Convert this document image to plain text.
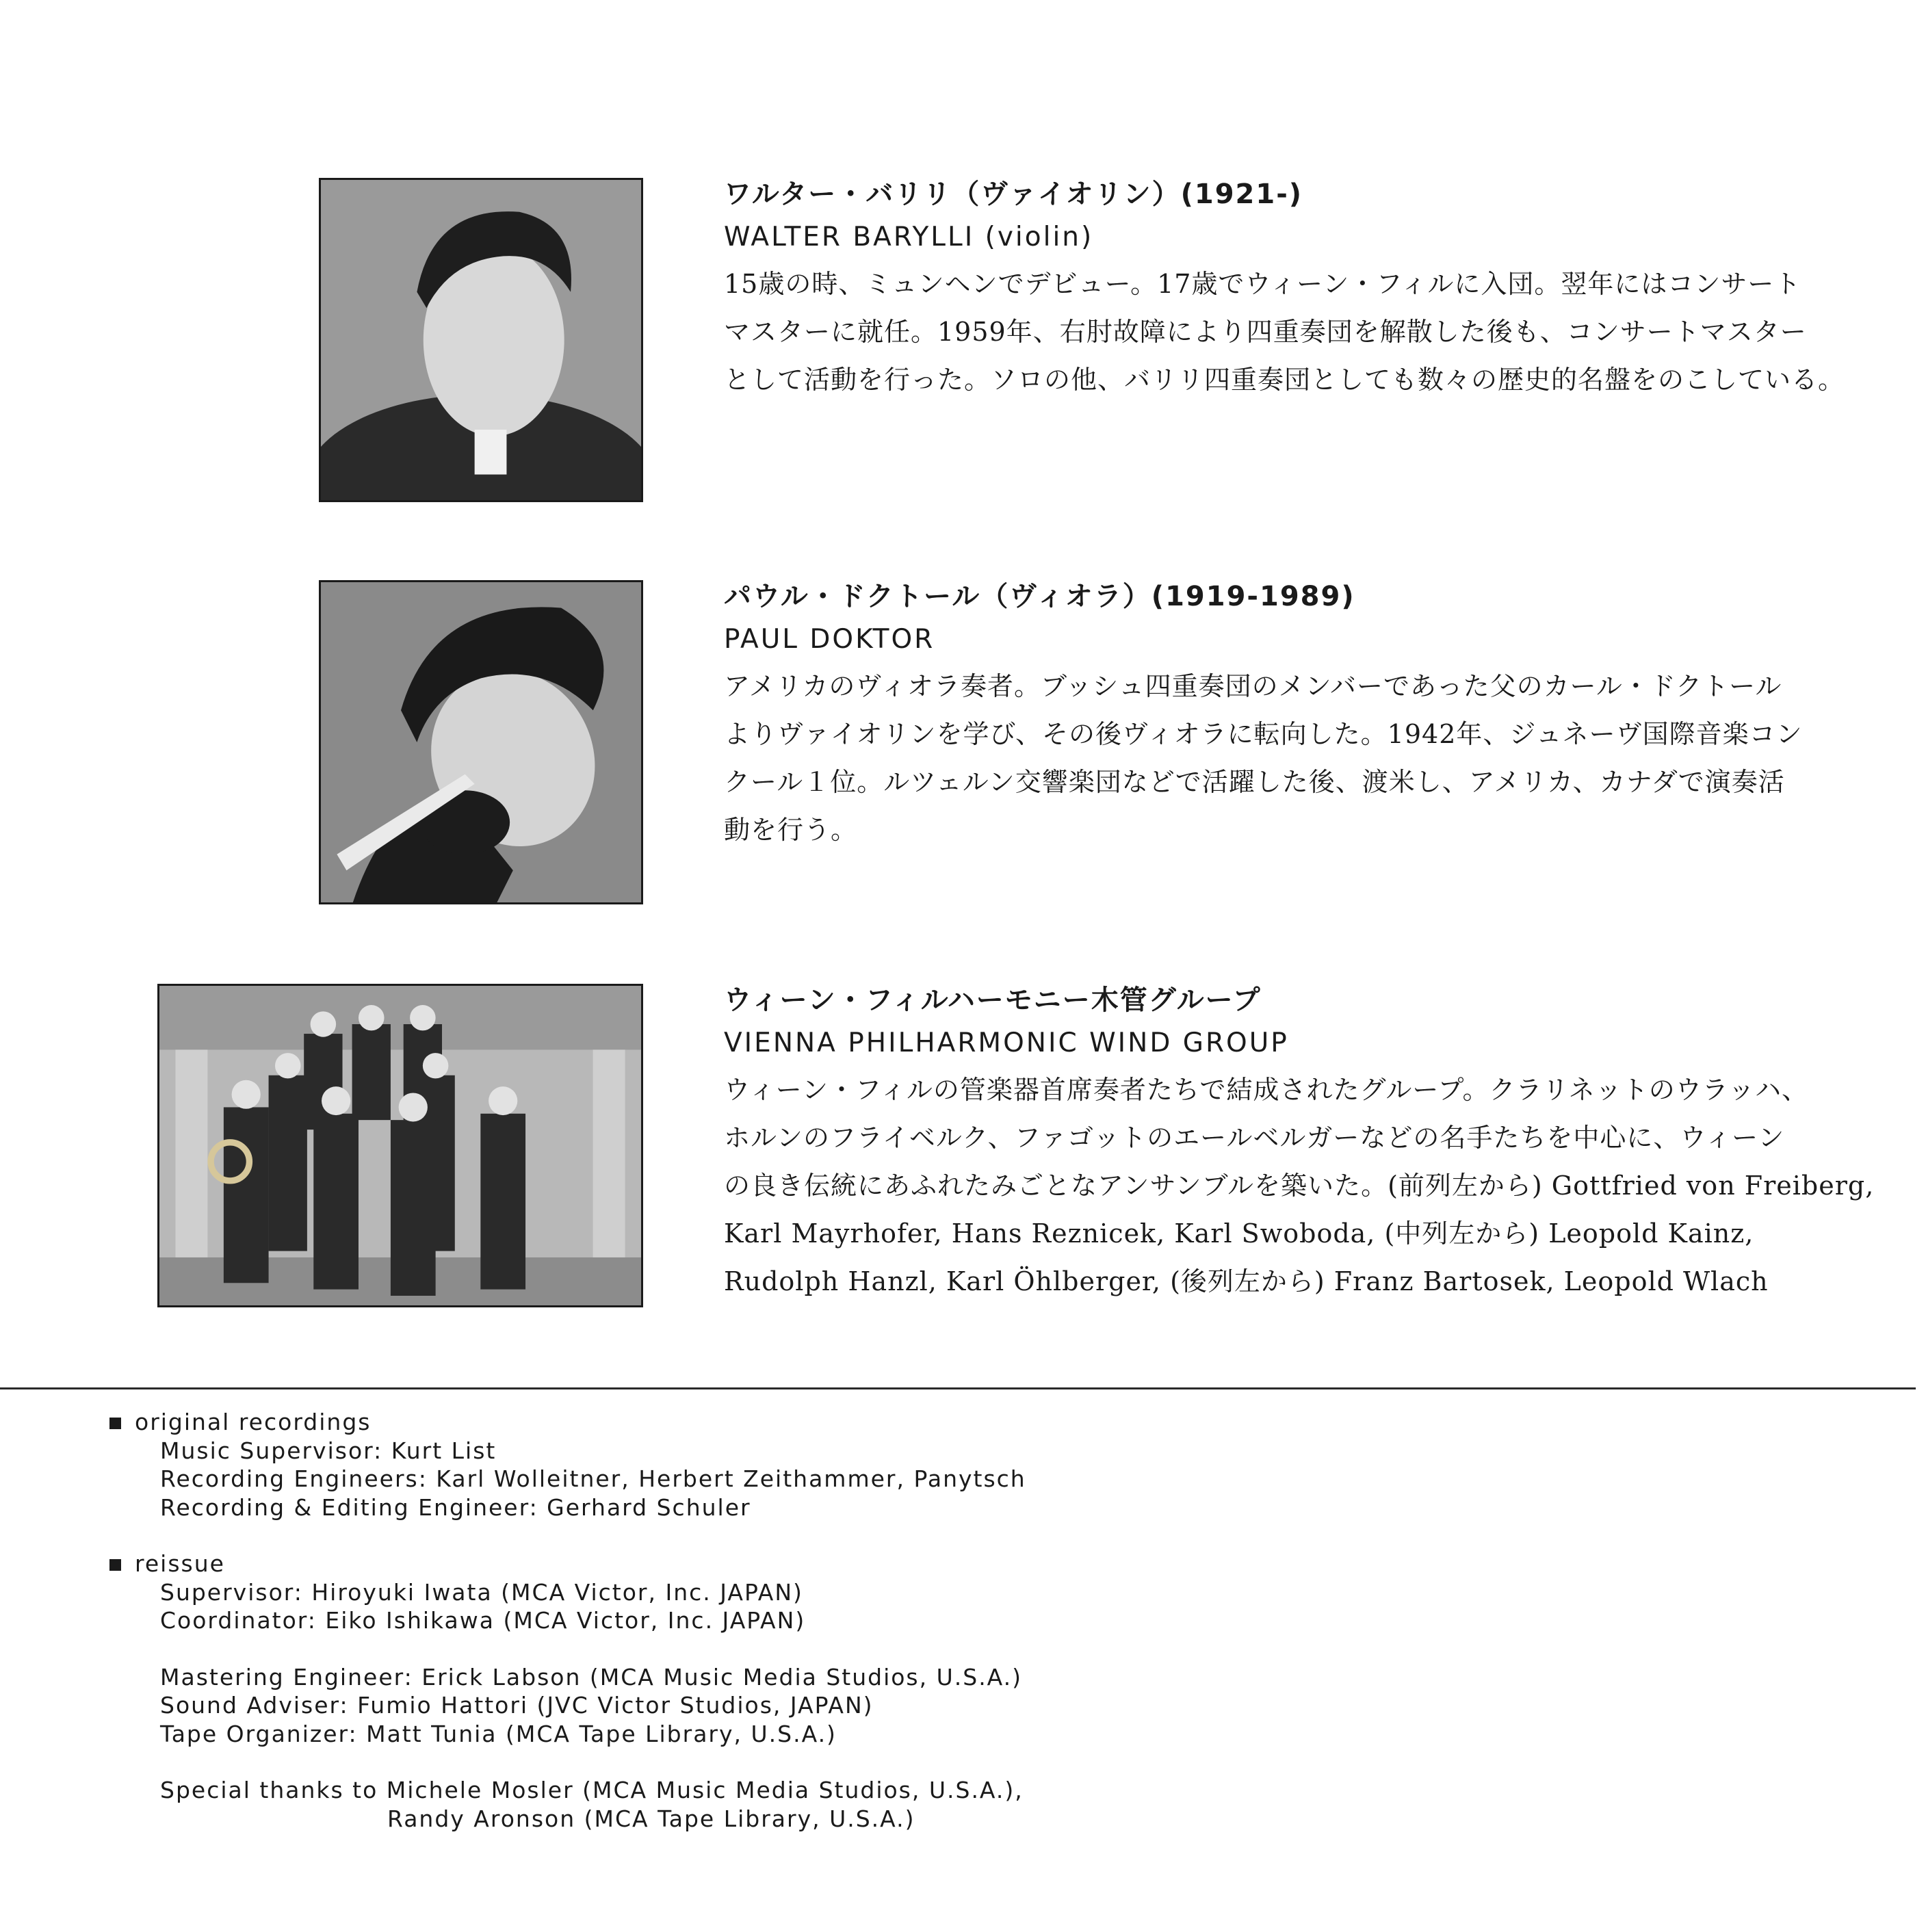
ワルター・バリリ（ヴァイオリン）(1921-)
WALTER BARYLLI (violin)

15歳の時、ミュンヘンでデビュー。17歳でウィーン・フィルに入団。翌年にはコンサート

マスターに就任。1959年、右肘故障により四重奏団を解散した後も、コンサートマスター

として活動を行った。ソロの他、バリリ四重奏団としても数々の歴史的名盤をのこしている。

パウル・ドクトール（ヴィオラ）(1919-1989)
PAUL DOKTOR

アメリカのヴィオラ奏者。ブッシュ四重奏団のメンバーであった父のカール・ドクトール

よりヴァイオリンを学び、その後ヴィオラに転向した。1942年、ジュネーヴ国際音楽コン

クール１位。ルツェルン交響楽団などで活躍した後、渡米し、アメリカ、カナダで演奏活

動を行う。

ウィーン・フィルハーモニー木管グループ
VIENNA PHILHARMONIC WIND GROUP

ウィーン・フィルの管楽器首席奏者たちで結成されたグループ。クラリネットのウラッハ、

ホルンのフライベルク、ファゴットのエールベルガーなどの名手たちを中心に、ウィーン

の良き伝統にあふれたみごとなアンサンブルを築いた。(前列左から) Gottfried von Freiberg,

Karl Mayrhofer, Hans Reznicek, Karl Swoboda, (中列左から) Leopold Kainz,

Rudolph Hanzl, Karl Öhlberger, (後列左から) Franz Bartosek, Leopold Wlach

original recordings
Music Supervisor: Kurt List
Recording Engineers: Karl Wolleitner, Herbert Zeithammer, Panytsch
Recording & Editing Engineer: Gerhard Schuler
reissue
Supervisor: Hiroyuki Iwata (MCA Victor, Inc. JAPAN)
Coordinator: Eiko Ishikawa (MCA Victor, Inc. JAPAN)
Mastering Engineer: Erick Labson (MCA Music Media Studios, U.S.A.)
Sound Adviser: Fumio Hattori (JVC Victor Studios, JAPAN)
Tape Organizer: Matt Tunia (MCA Tape Library, U.S.A.)
Special thanks to Michele Mosler (MCA Music Media Studios, U.S.A.),
Randy Aronson (MCA Tape Library, U.S.A.)
